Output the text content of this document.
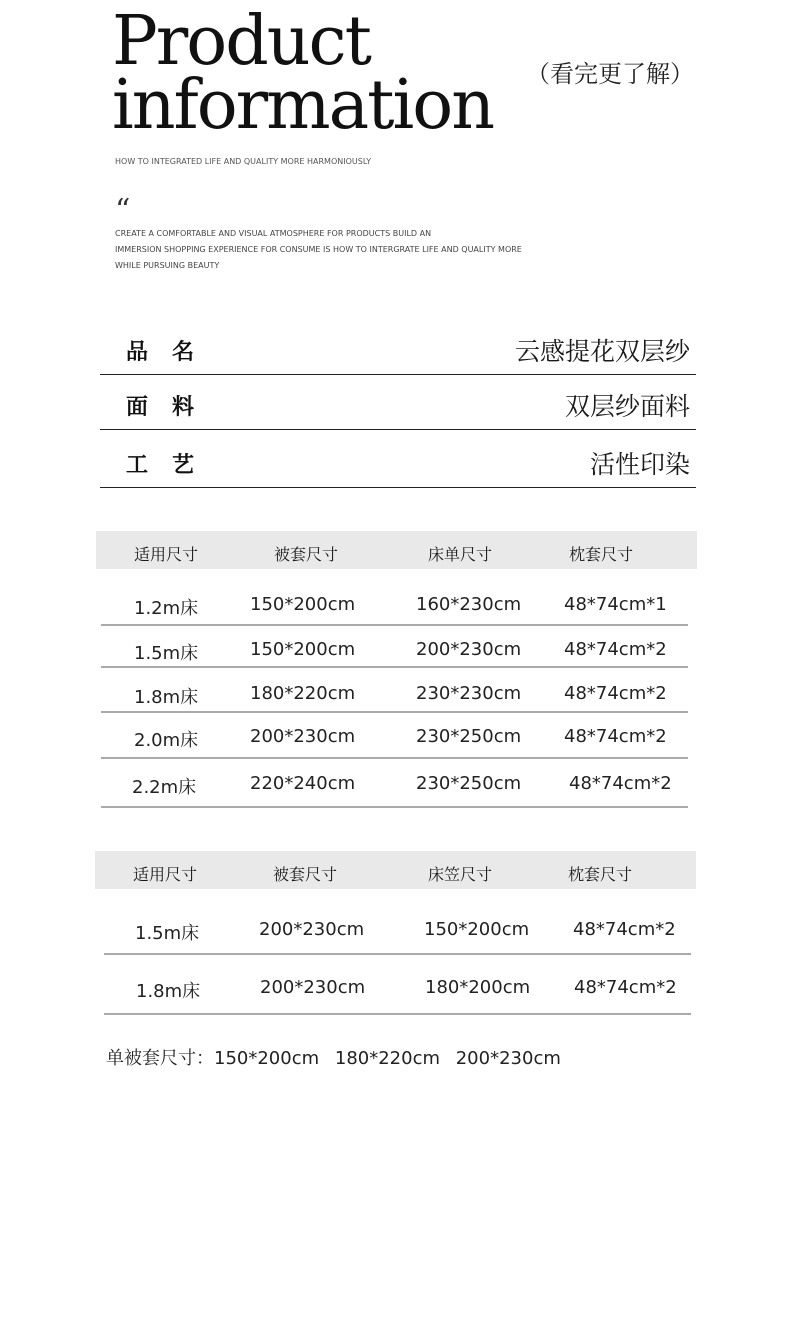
Product
information （看完更了解）
HOW TO INTEGRATED LIFE AND QUALITY MORE HARMONIOUSLY
“
CREATE A COMFORTABLE AND VISUAL ATMOSPHERE FOR PRODUCTS BUILD AN
IMMERSION SHOPPING EXPERIENCE FOR CONSUME IS HOW TO INTERGRATE LIFE AND QUALITY MORE
WHILE PURSUING BEAUTY
品名	云感提花双层纱
面料	双层纱面料
工艺	活性印染
适用尺寸	被套尺寸	床单尺寸	枕套尺寸
1.2m床	150*200cm	160*230cm 48*74cm*1
1.5m床	150*200cm	200*230cm 48*74cm*2
1.8m床	180*220cm	230*230cm 48*74cm*2
2.0m床	200*230cm	230*250cm 48*74cm*2
2.2m床	220*240cm	230*250cm	48*74cm*2
适用尺寸	被套尺寸	床笠尺寸	枕套尺寸
1.5m床	200*230cm	150*200cm 48*74cm*2
1.8m床	200*230cm	180*200cm 48*74cm*2
单被套尺寸：150*200cm 180*220cm 200*230cm
